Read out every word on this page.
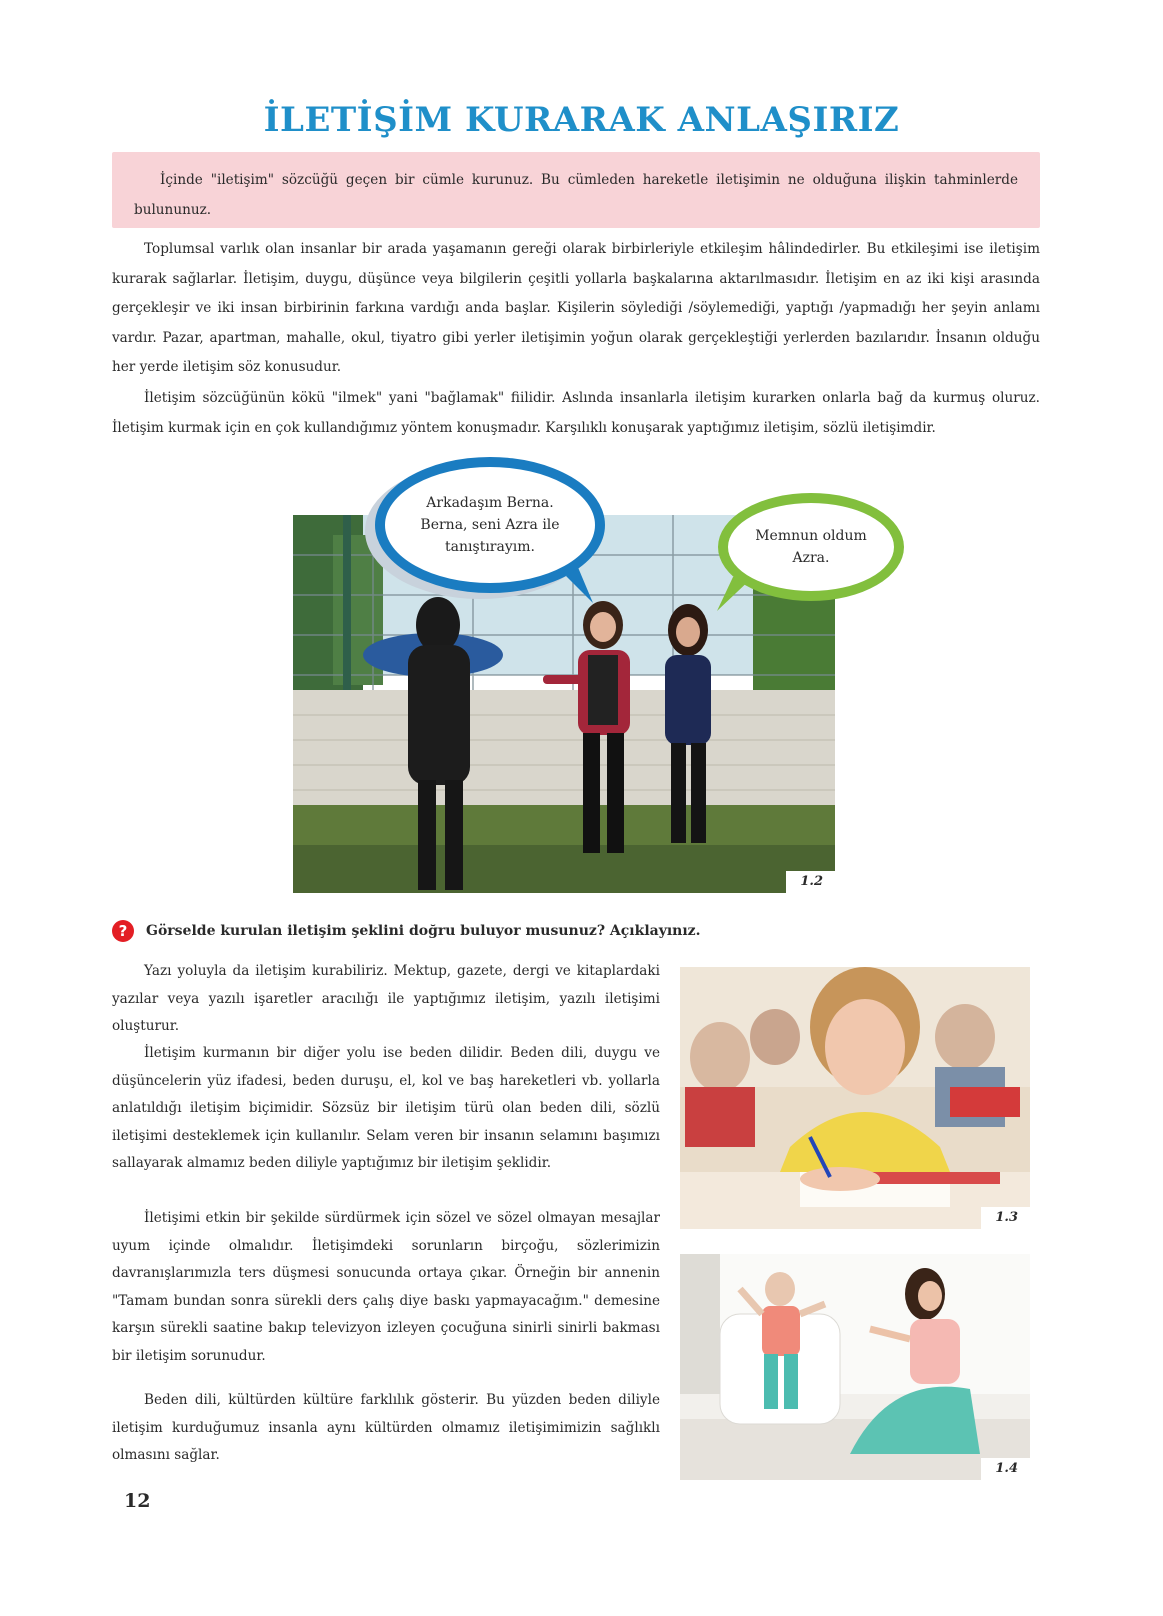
İLETİŞİM KURARAK ANLAŞIRIZ
İçinde "iletişim" sözcüğü geçen bir cümle kurunuz. Bu cümleden hareketle iletişimin ne olduğuna ilişkin tahminlerde bulununuz.

Toplumsal varlık olan insanlar bir arada yaşamanın gereği olarak birbirleriyle etkileşim hâlindedirler. Bu etkileşimi ise iletişim kurarak sağlarlar. İletişim, duygu, düşünce veya bilgilerin çeşitli yollarla başkalarına aktarılmasıdır. İletişim en az iki kişi arasında gerçekleşir ve iki insan birbirinin farkına vardığı anda başlar. Kişilerin söylediği /söylemediği, yaptığı /yapmadığı her şeyin anlamı vardır. Pazar, apartman, mahalle, okul, tiyatro gibi yerler iletişimin yoğun olarak gerçekleştiği yerlerden bazılarıdır. İnsanın olduğu her yerde iletişim söz konusudur.

İletişim sözcüğünün kökü "ilmek" yani "bağlamak" fiilidir. Aslında insanlarla iletişim kurarken onlarla bağ da kurmuş oluruz. İletişim kurmak için en çok kullandığımız yöntem konuşmadır. Karşılıklı konuşarak yaptığımız iletişim, sözlü iletişimdir.

1.2
Arkadaşım Berna. Berna, seni Azra ile tanıştırayım.
Memnun oldum Azra.
?	Görselde kurulan iletişim şeklini doğru buluyor musunuz? Açıklayınız.

Yazı yoluyla da iletişim kurabiliriz. Mektup, gazete, dergi ve kitaplardaki yazılar veya yazılı işaretler aracılığı ile yaptığımız iletişim, yazılı iletişimi oluşturur.

İletişim kurmanın bir diğer yolu ise beden dilidir. Beden dili, duygu ve düşüncelerin yüz ifadesi, beden duruşu, el, kol ve baş hareketleri vb. yollarla anlatıldığı iletişim biçimidir. Sözsüz bir iletişim türü olan beden dili, sözlü iletişimi desteklemek için kullanılır. Selam veren bir insanın selamını başımızı sallayarak almamız beden diliyle yaptığımız bir iletişim şeklidir.

İletişimi etkin bir şekilde sürdürmek için sözel ve sözel olmayan mesajlar uyum içinde olmalıdır. İletişimdeki sorunların birçoğu, sözlerimizin davranışlarımızla ters düşmesi sonucunda ortaya çıkar. Örneğin bir annenin "Tamam bundan sonra sürekli ders çalış diye baskı yapmayacağım." demesine karşın sürekli saatine bakıp televizyon izleyen çocuğuna sinirli sinirli bakması bir iletişim sorunudur.

Beden dili, kültürden kültüre farklılık gösterir. Bu yüzden beden diliyle iletişim kurduğumuz insanla aynı kültürden olmamız iletişimimizin sağlıklı olmasını sağlar.

1.3
1.4
12
